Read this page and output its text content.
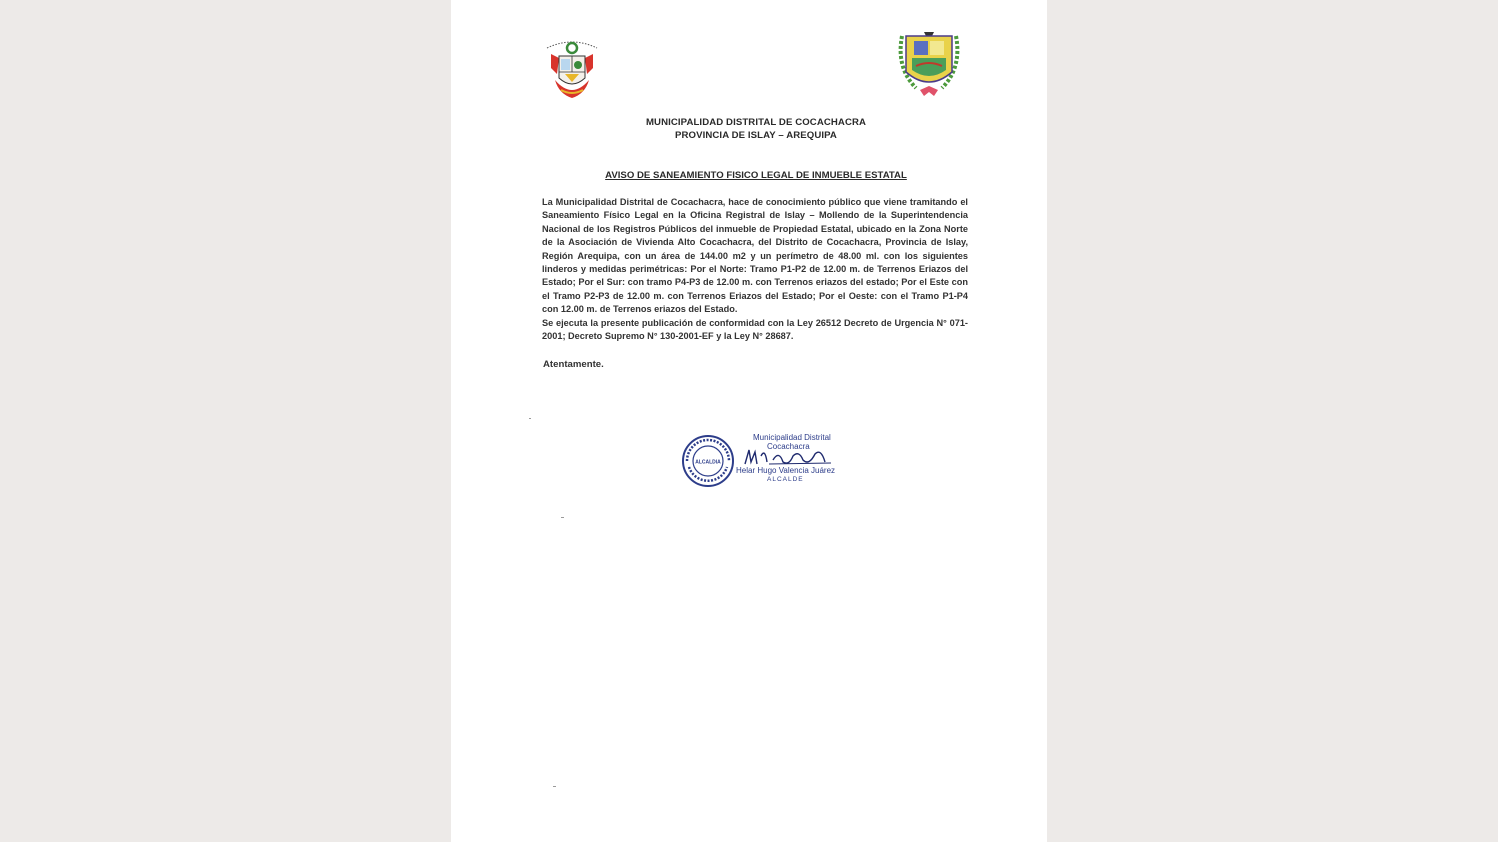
MUNICIPALIDAD DISTRITAL DE COCACHACRA
PROVINCIA DE ISLAY – AREQUIPA
AVISO DE SANEAMIENTO FISICO LEGAL DE INMUEBLE ESTATAL

La Municipalidad Distrital de Cocachacra, hace de conocimiento público que viene tramitando el Saneamiento Físico Legal en la Oficina Registral de Islay – Mollendo de la Superintendencia Nacional de los Registros Públicos del inmueble de Propiedad Estatal, ubicado en la Zona Norte de la Asociación de Vivienda Alto Cocachacra, del Distrito de Cocachacra, Provincia de Islay, Región Arequipa, con un área de 144.00 m2 y un perímetro de 48.00 ml. con los siguientes linderos y medidas perimétricas: Por el Norte: Tramo P1-P2 de 12.00 m. de Terrenos Eriazos del Estado; Por el Sur: con tramo P4-P3 de 12.00 m. con Terrenos eriazos del estado; Por el Este con el Tramo P2-P3 de 12.00 m. con Terrenos Eriazos del Estado; Por el Oeste: con el Tramo P1-P4 con 12.00 m. de Terrenos eriazos del Estado.

Se ejecuta la presente publicación de conformidad con la Ley 26512 Decreto de Urgencia N° 071-2001; Decreto Supremo N° 130-2001-EF y la Ley N° 28687.

Atentamente.
ALCALDIA
Municipalidad Distrital
Cocachacra
Helar Hugo Valencia Juárez
ALCALDE
